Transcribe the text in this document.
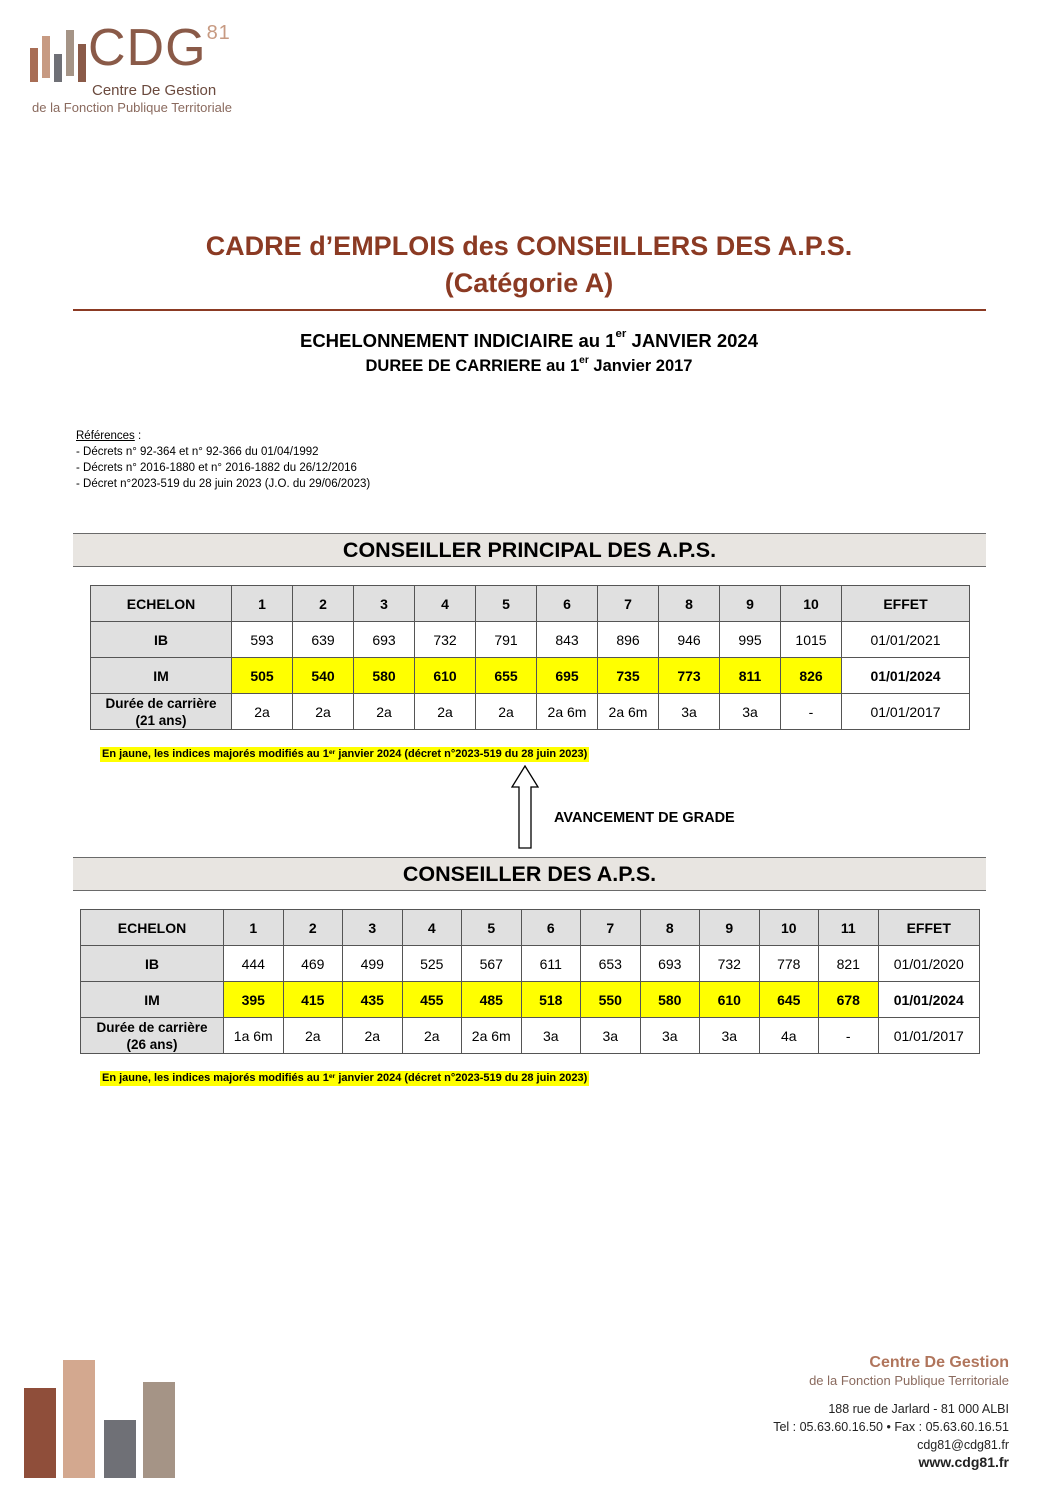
CDG$^{81}$
Centre De Gestion
de la Fonction Publique Territoriale
CADRE d’EMPLOIS des CONSEILLERS DES A.P.S.
(Catégorie A)
ECHELONNEMENT INDICIAIRE au 1er JANVIER 2024
DUREE DE CARRIERE au 1er Janvier 2017
Références :
- Décrets n° 92-364 et n° 92-366 du 01/04/1992
- Décrets n° 2016-1880 et n° 2016-1882 du 26/12/2016
- Décret n°2023-519 du 28 juin 2023 (J.O. du 29/06/2023)
CONSEILLER PRINCIPAL DES A.P.S.
ECHELON	1	2	3	4	5	6	7	8	9	10	EFFET
IB	593	639	693	732	791	843	896	946	995	1015	01/01/2021
IM	505	540	580	610	655	695	735	773	811	826	01/01/2024

Durée de carrière
(21 ans)	2a	2a	2a	2a	2a	2a 6m	2a 6m	3a	3a	-	01/01/2017
En jaune, les indices majorés modifiés au 1er janvier 2024 (décret n°2023-519 du 28 juin 2023)
AVANCEMENT DE GRADE
CONSEILLER DES A.P.S.
ECHELON	1	2	3	4	5	6	7	8	9	10	11	EFFET
IB	444	469	499	525	567	611	653	693	732	778	821	01/01/2020
IM	395	415	435	455	485	518	550	580	610	645	678	01/01/2024

Durée de carrière
(26 ans)	1a 6m	2a	2a	2a	2a 6m	3a	3a	3a	3a	4a	-	01/01/2017
En jaune, les indices majorés modifiés au 1er janvier 2024 (décret n°2023-519 du 28 juin 2023)
Centre De Gestion
de la Fonction Publique Territoriale
188 rue de Jarlard - 81 000 ALBI
Tel : 05.63.60.16.50 • Fax : 05.63.60.16.51
cdg81@cdg81.fr
www.cdg81.fr
